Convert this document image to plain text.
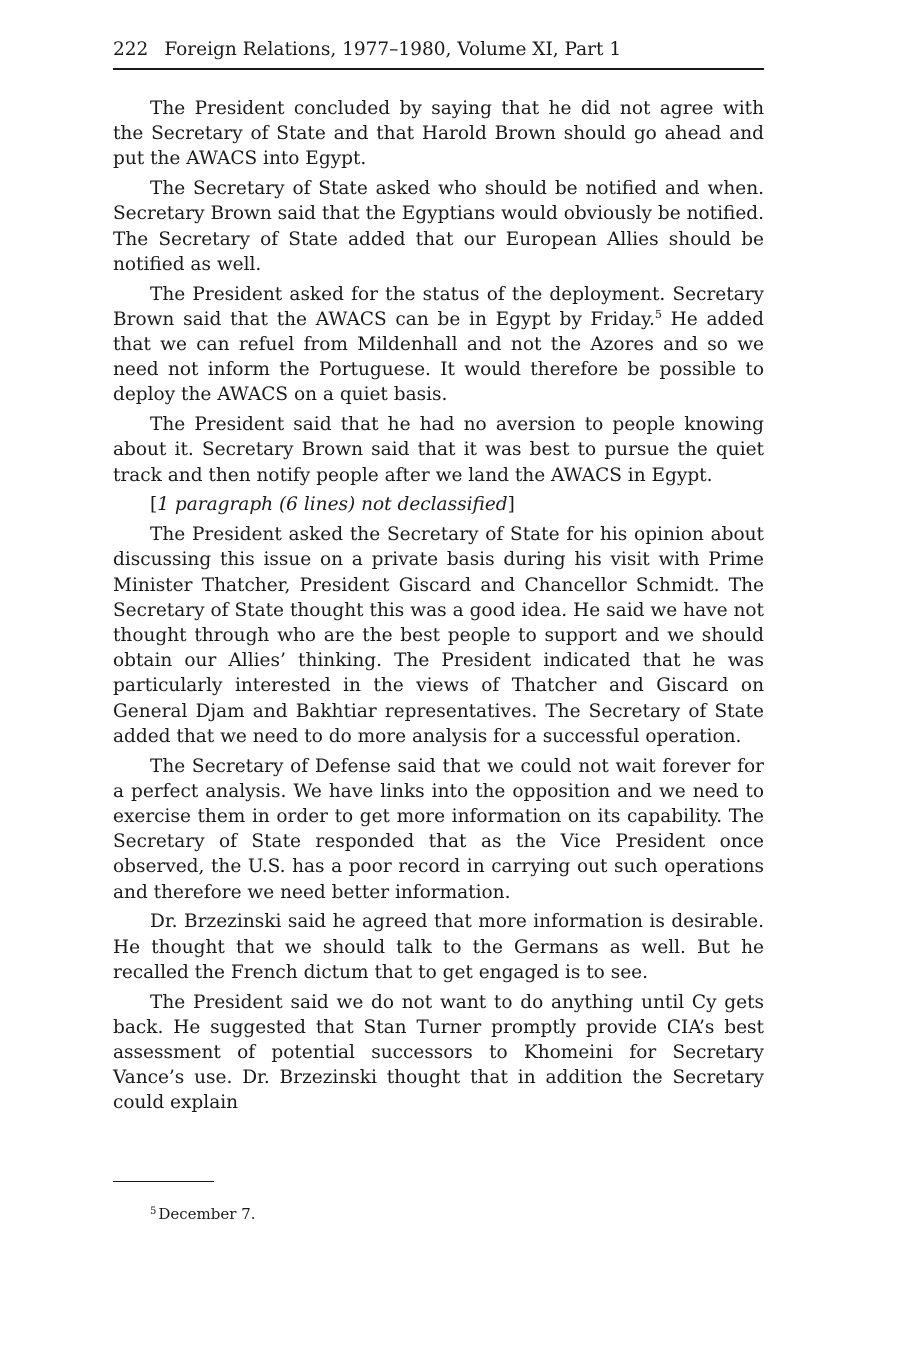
222 Foreign Relations, 1977–1980, Volume XI, Part 1

The President concluded by saying that he did not agree with the Secretary of State and that Harold Brown should go ahead and put the AWACS into Egypt.

The Secretary of State asked who should be notified and when. Secretary Brown said that the Egyptians would obviously be notified. The Secretary of State added that our European Allies should be notified as well.

The President asked for the status of the deployment. Secretary Brown said that the AWACS can be in Egypt by Friday.$^5$ He added that we can refuel from Mildenhall and not the Azores and so we need not inform the Portuguese. It would therefore be possible to deploy the AWACS on a quiet basis.

The President said that he had no aversion to people knowing about it. Secretary Brown said that it was best to pursue the quiet track and then notify people after we land the AWACS in Egypt.

[1 paragraph (6 lines) not declassified]

The President asked the Secretary of State for his opinion about discussing this issue on a private basis during his visit with Prime Minister Thatcher, President Giscard and Chancellor Schmidt. The Secretary of State thought this was a good idea. He said we have not thought through who are the best people to support and we should obtain our Allies’ thinking. The President indicated that he was particularly interested in the views of Thatcher and Giscard on General Djam and Bakhtiar representatives. The Secretary of State added that we need to do more analysis for a successful operation.

The Secretary of Defense said that we could not wait forever for a perfect analysis. We have links into the opposition and we need to exercise them in order to get more information on its capability. The Secretary of State responded that as the Vice President once observed, the U.S. has a poor record in carrying out such operations and therefore we need better information.

Dr. Brzezinski said he agreed that more information is desirable. He thought that we should talk to the Germans as well. But he recalled the French dictum that to get engaged is to see.

The President said we do not want to do anything until Cy gets back. He suggested that Stan Turner promptly provide CIA’s best assessment of potential successors to Khomeini for Secretary Vance’s use. Dr. Brzezinski thought that in addition the Secretary could explain

$^5$ December 7.
